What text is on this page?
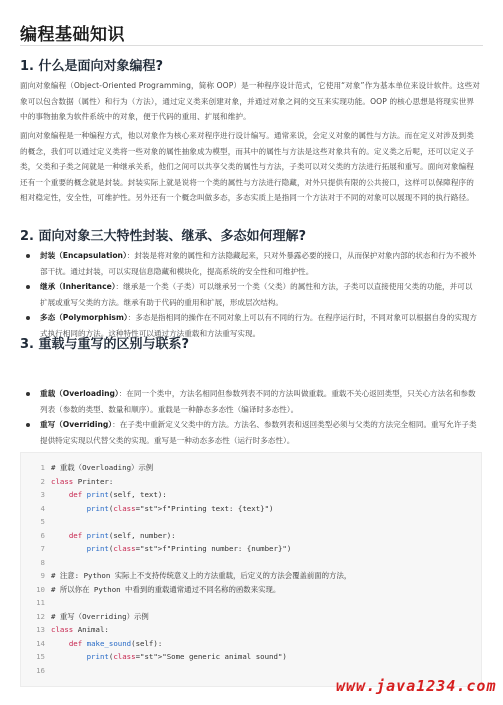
编程基础知识
1. 什么是面向对象编程?

面向对象编程（Object-Oriented Programming，简称 OOP）是一种程序设计范式，它使用“对象”作为基本单位来设计软件。这些对象可以包含数据（属性）和行为（方法），通过定义类来创建对象，并通过对象之间的交互来实现功能。OOP 的核心思想是将现实世界中的事物抽象为软件系统中的对象，便于代码的重用、扩展和维护。

面向对象编程是一种编程方式，他以对象作为核心来对程序进行设计编写。通常来说，会定义对象的属性与方法。而在定义对涉及到类的概念，我们可以通过定义类将一些对象的属性抽象成为模型，而其中的属性与方法是这些对象共有的。定义类之后呢，还可以定义子类，父类和子类之间就是一种继承关系，他们之间可以共享父类的属性与方法，子类可以对父类的方法进行拓展和重写。面向对象编程还有一个重要的概念就是封装。封装实际上就是说将一个类的属性与方法进行隐藏，对外只提供有限的公共接口，这样可以保障程序的相对稳定性，安全性，可维护性。另外还有一个概念叫做多态，多态实质上是指同一个方法对于不同的对象可以展现不同的执行路径。

2. 面向对象三大特性封装、继承、多态如何理解?
封装（Encapsulation）：封装是将对象的属性和方法隐藏起来，只对外暴露必要的接口，从而保护对象内部的状态和行为不被外部干扰。通过封装，可以实现信息隐藏和模块化，提高系统的安全性和可维护性。
继承（Inheritance）：继承是一个类（子类）可以继承另一个类（父类）的属性和方法，子类可以直接使用父类的功能，并可以扩展或重写父类的方法。继承有助于代码的重用和扩展，形成层次结构。
多态（Polymorphism）：多态是指相同的操作在不同对象上可以有不同的行为。在程序运行时，不同对象可以根据自身的实现方式执行相同的方法。这种特性可以通过方法重载和方法重写实现。
3. 重载与重写的区别与联系?
重载（Overloading）：在同一个类中，方法名相同但参数列表不同的方法叫做重载。重载不关心返回类型，只关心方法名和参数列表（参数的类型、数量和顺序）。重载是一种静态多态性（编译时多态性）。
重写（Overriding）：在子类中重新定义父类中的方法。方法名、参数列表和返回类型必须与父类的方法完全相同。重写允许子类提供特定实现以代替父类的实现。重写是一种动态多态性（运行时多态性）。
1 # 重载（Overloading）示例
2 class Printer:
3	def print(self, text):
4	print(class="st">f"Printing text: {text}")
5
6	def print(self, number):
7	print(class="st">f"Printing number: {number}")
8
9 # 注意: Python 实际上不支持传统意义上的方法重载，后定义的方法会覆盖前面的方法，
10 # 所以你在 Python 中看到的重载通常通过不同名称的函数来实现。
11
12 # 重写（Overriding）示例
13 class Animal:
14	def make_sound(self):
15	print(class="st">"Some generic animal sound")
16
www.java1234.com
